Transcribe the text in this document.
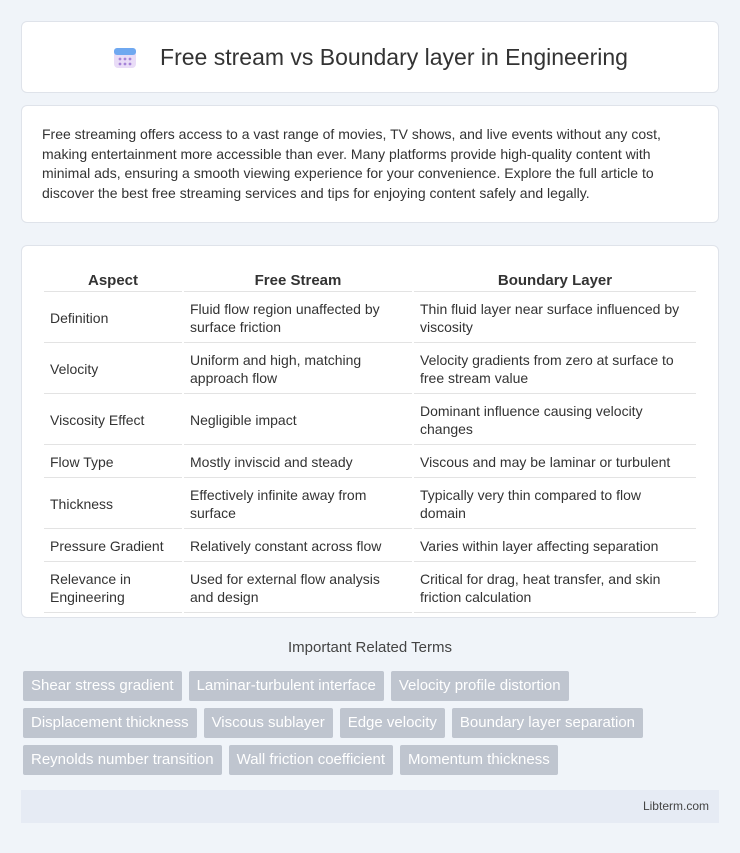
Free stream vs Boundary layer in Engineering

Free streaming offers access to a vast range of movies, TV shows, and live events without any cost, making entertainment more accessible than ever. Many platforms provide high-quality content with minimal ads, ensuring a smooth viewing experience for your convenience. Explore the full article to discover the best free streaming services and tips for enjoying content safely and legally.

Aspect	Free Stream	Boundary Layer
Definition	Fluid flow region unaffected by surface friction	Thin fluid layer near surface influenced by viscosity
Velocity	Uniform and high, matching approach flow	Velocity gradients from zero at surface to free stream value
Viscosity Effect	Negligible impact	Dominant influence causing velocity changes
Flow Type	Mostly inviscid and steady	Viscous and may be laminar or turbulent
Thickness	Effectively infinite away from surface	Typically very thin compared to flow domain
Pressure Gradient	Relatively constant across flow	Varies within layer affecting separation
Relevance in Engineering	Used for external flow analysis and design	Critical for drag, heat transfer, and skin friction calculation
Important Related Terms
Shear stress gradient	Laminar-turbulent interface	Velocity profile distortion
Displacement thickness	Viscous sublayer	Edge velocity	Boundary layer separation
Reynolds number transition	Wall friction coefficient	Momentum thickness
Libterm.com
